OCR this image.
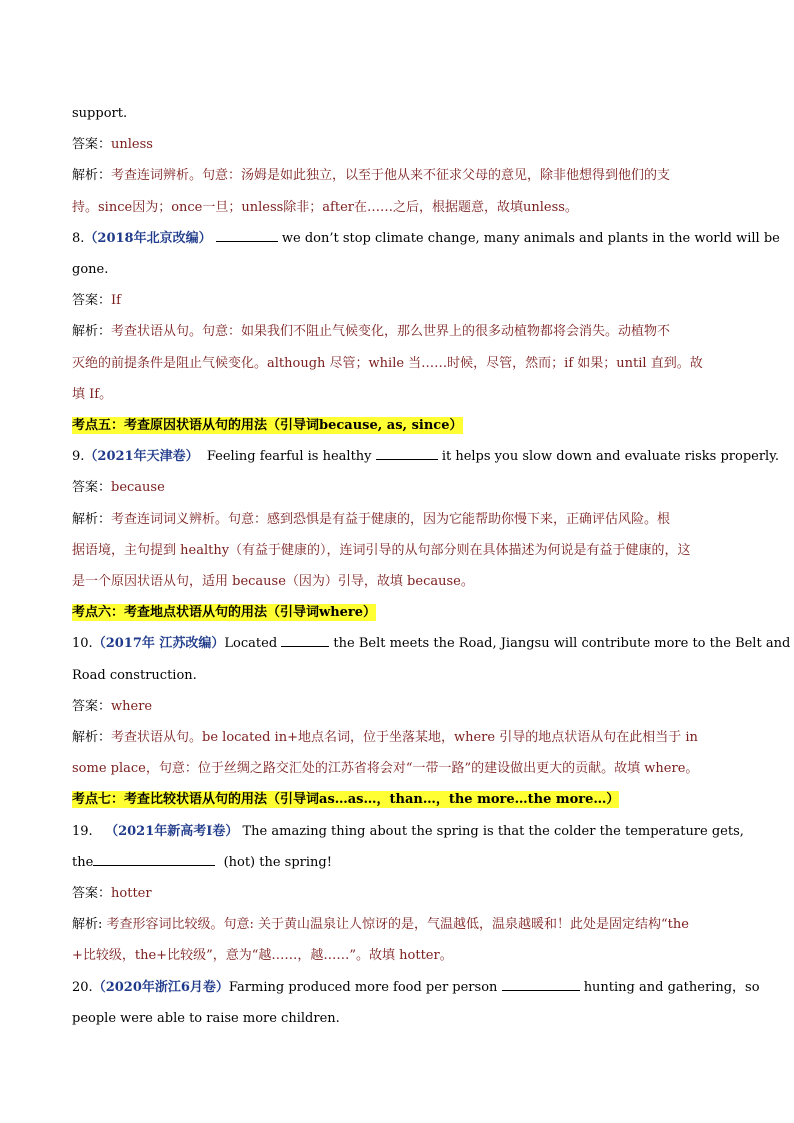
support.
答案：unless
解析：考查连词辨析。句意：汤姆是如此独立，以至于他从来不征求父母的意见，除非他想得到他们的支
持。since因为；once一旦；unless除非；after在……之后，根据题意，故填unless。
8.（2018年北京改编）	we don’t stop climate change, many animals and plants in the world will be
gone.
答案：If
解析：考查状语从句。句意：如果我们不阻止气候变化，那么世界上的很多动植物都将会消失。动植物不
灭绝的前提条件是阻止气候变化。although 尽管；while 当……时候，尽管，然而；if 如果；until 直到。故
填 If。
考点五：考查原因状语从句的用法（引导词because, as, since）
9.（2021年天津卷） Feeling fearful is healthy	it helps you slow down and evaluate risks properly.
答案：because
解析：考查连词词义辨析。句意：感到恐惧是有益于健康的，因为它能帮助你慢下来，正确评估风险。根
据语境，主句提到 healthy（有益于健康的），连词引导的从句部分则在具体描述为何说是有益于健康的，这
是一个原因状语从句，适用 because（因为）引导，故填 because。
考点六：考查地点状语从句的用法（引导词where）
10.（2017年 江苏改编）Located	the Belt meets the Road, Jiangsu will contribute more to the Belt and
Road construction.
答案：where
解析：考查状语从句。be located in+地点名词，位于坐落某地，where 引导的地点状语从句在此相当于 in
some place，句意：位于丝绸之路交汇处的江苏省将会对“一带一路”的建设做出更大的贡献。故填 where。
考点七：考查比较状语从句的用法（引导词as…as…，than…，the more…the more…）
19. （2021年新高考I卷） The amazing thing about the spring is that the colder the temperature gets,
the	(hot) the spring!
答案：hotter
解析: 考查形容词比较级。句意: 关于黄山温泉让人惊讶的是，气温越低，温泉越暖和！此处是固定结构“the
+比较级，the+比较级”，意为“越……，越……”。故填 hotter。
20.（2020年浙江6月卷）Farming produced more food per person	hunting and gathering，so
people were able to raise more children.
